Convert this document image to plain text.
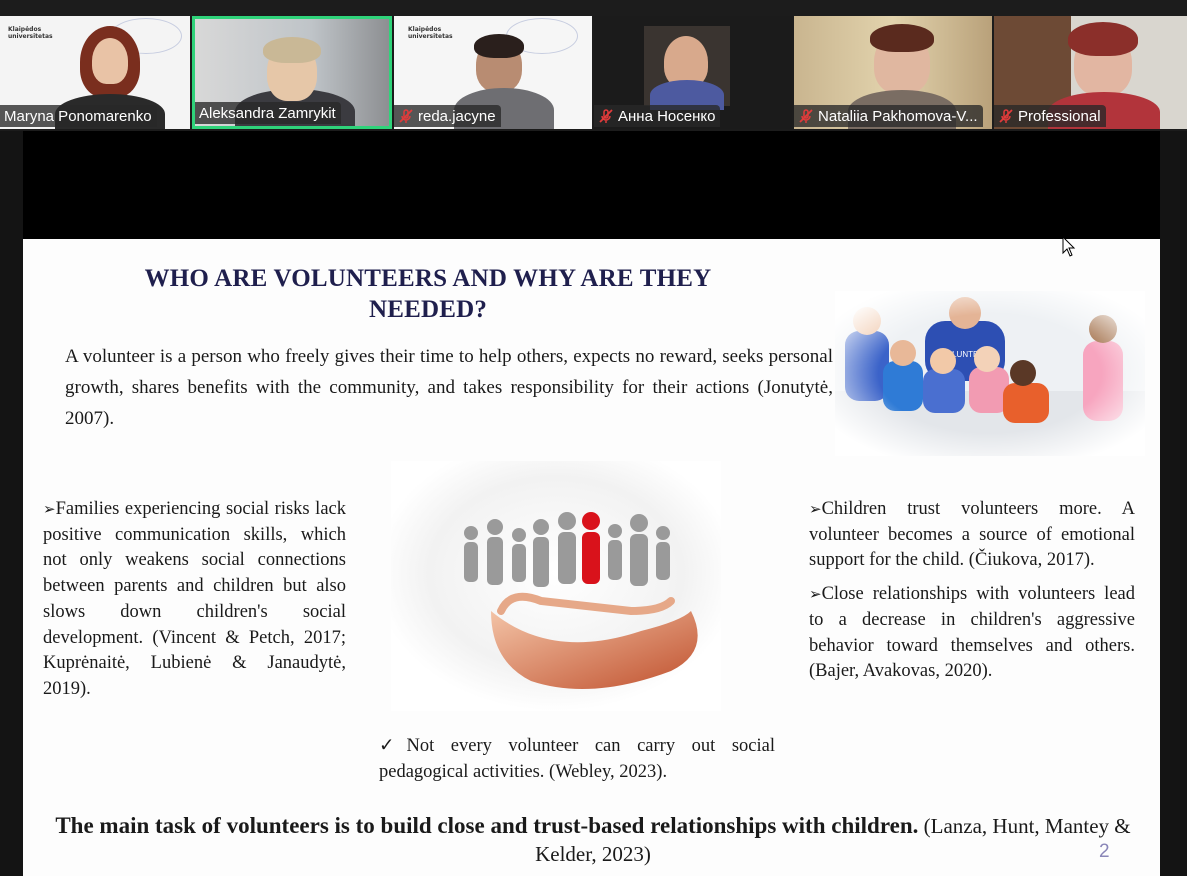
Klaipėdos universitetas
Maryna Ponomarenko	Aleksandra Zamrykit
Klaipėdos universitetas
reda.jacyne	Анна Носенко	Nataliia Pakhomova-V...	Professional
WHO ARE VOLUNTEERS AND WHY ARE THEY NEEDED?
A volunteer is a person who freely gives their time to help others, expects no reward, seeks personal growth, shares benefits with the community, and takes responsibility for their actions (Jonutytė, 2007).
➢Families experiencing social risks lack positive communication skills, which not only weakens social connections between parents and children but also slows down children's social development. (Vincent & Petch, 2017; Kuprėnaitė, Lubienė & Janaudytė, 2019).
✓Not every volunteer can carry out social pedagogical activities. (Webley, 2023).

➢Children trust volunteers more. A volunteer becomes a source of emotional support for the child. (Čiukova, 2017).

➢Close relationships with volunteers lead to a decrease in children's aggressive behavior toward themselves and others. (Bajer, Avakovas, 2020).

The main task of volunteers is to build close and trust-based relationships with children. (Lanza, Hunt, Mantey & Kelder, 2023)	2
